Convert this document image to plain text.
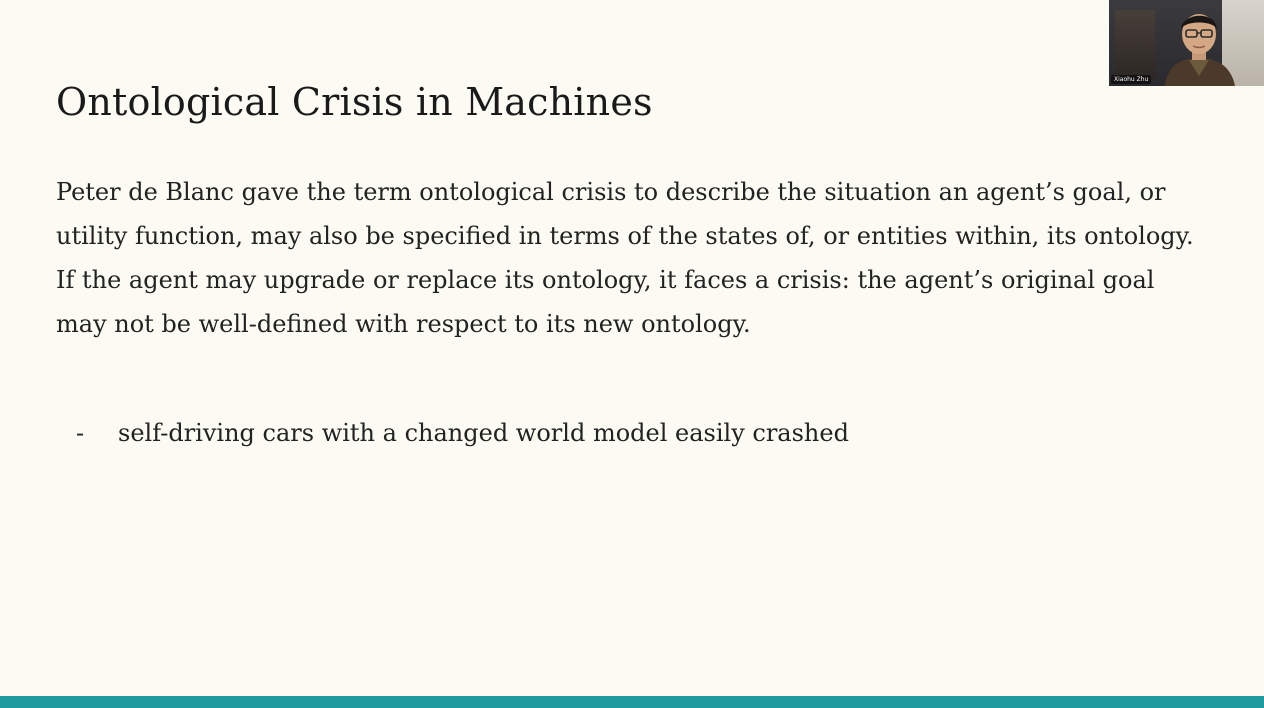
Ontological Crisis in Machines

Peter de Blanc gave the term ontological crisis to describe the situation an agent’s goal, or utility function, may also be specified in terms of the states of, or entities within, its ontology. If the agent may upgrade or replace its ontology, it faces a crisis: the agent’s original goal may not be well-defined with respect to its new ontology.

- self-driving cars with a changed world model easily crashed
Xiaohu Zhu
